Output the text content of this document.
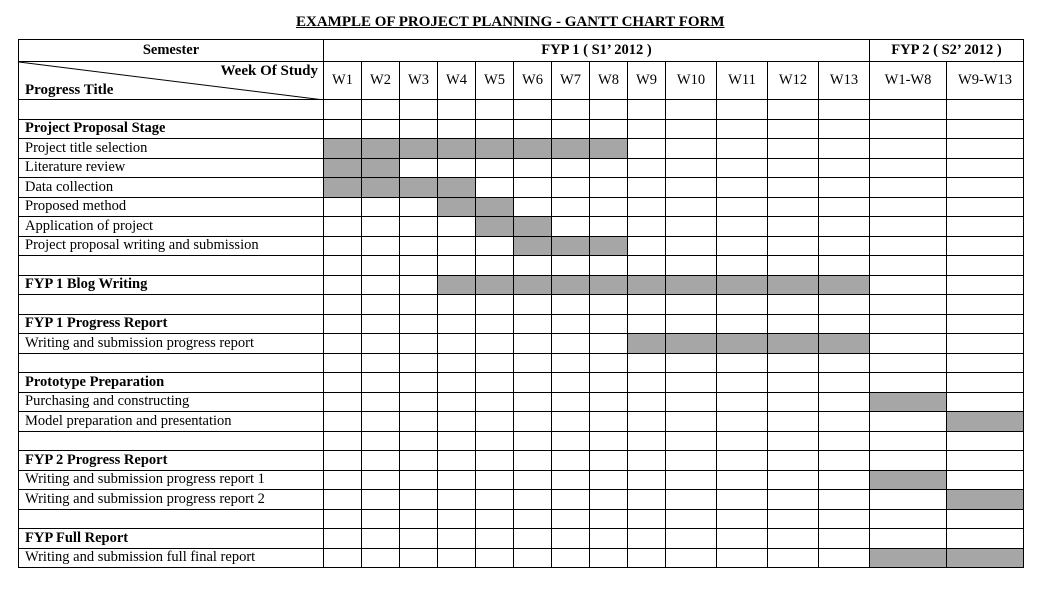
EXAMPLE OF PROJECT PLANNING - GANTT CHART FORM
Semester	FYP 1 ( S1’ 2012 )													FYP 2 ( S2’ 2012 )	

Week Of Study
Progress Title	W1	W2	W3	W4	W5	W6	W7	W8	W9	W10	W11	W12	W13	W1-W8	W9-W13

Project Proposal Stage															
Project title selection															
Literature review															
Data collection															
Proposed method															
Application of project															
Project proposal writing and submission															

FYP 1 Blog Writing															

FYP 1 Progress Report															
Writing and submission progress report															

Prototype Preparation															
Purchasing and constructing															
Model preparation and presentation															

FYP 2 Progress Report															
Writing and submission progress report 1															
Writing and submission progress report 2															

FYP Full Report															
Writing and submission full final report															
